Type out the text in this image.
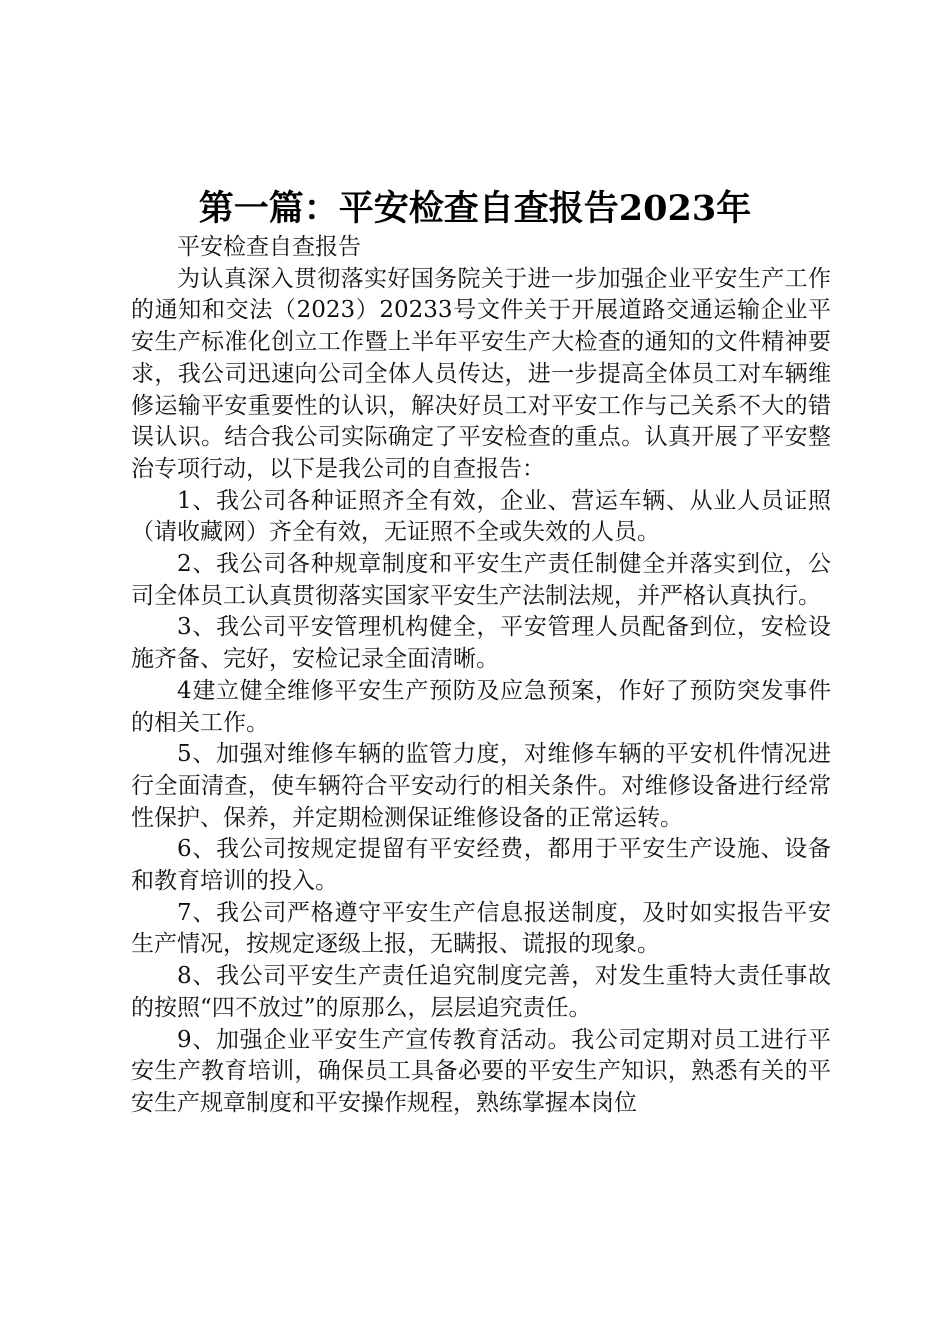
第一篇：平安检查自查报告2023年

平安检查自查报告

为认真深入贯彻落实好国务院关于进一步加强企业平安生产工作的通知和交法（2023）20233号文件关于开展道路交通运输企业平安生产标准化创立工作暨上半年平安生产大检查的通知的文件精神要求，我公司迅速向公司全体人员传达，进一步提高全体员工对车辆维修运输平安重要性的认识，解决好员工对平安工作与己关系不大的错误认识。结合我公司实际确定了平安检查的重点。认真开展了平安整治专项行动，以下是我公司的自查报告：

1、我公司各种证照齐全有效，企业、营运车辆、从业人员证照（请收藏网）齐全有效，无证照不全或失效的人员。

2、我公司各种规章制度和平安生产责任制健全并落实到位，公司全体员工认真贯彻落实国家平安生产法制法规，并严格认真执行。

3、我公司平安管理机构健全，平安管理人员配备到位，安检设施齐备、完好，安检记录全面清晰。

4建立健全维修平安生产预防及应急预案，作好了预防突发事件的相关工作。

5、加强对维修车辆的监管力度，对维修车辆的平安机件情况进行全面清查，使车辆符合平安动行的相关条件。对维修设备进行经常性保护、保养，并定期检测保证维修设备的正常运转。

6、我公司按规定提留有平安经费，都用于平安生产设施、设备和教育培训的投入。

7、我公司严格遵守平安生产信息报送制度，及时如实报告平安生产情况，按规定逐级上报，无瞒报、谎报的现象。

8、我公司平安生产责任追究制度完善，对发生重特大责任事故的按照“四不放过”的原那么，层层追究责任。

9、加强企业平安生产宣传教育活动。我公司定期对员工进行平安生产教育培训，确保员工具备必要的平安生产知识，熟悉有关的平安生产规章制度和平安操作规程，熟练掌握本岗位
